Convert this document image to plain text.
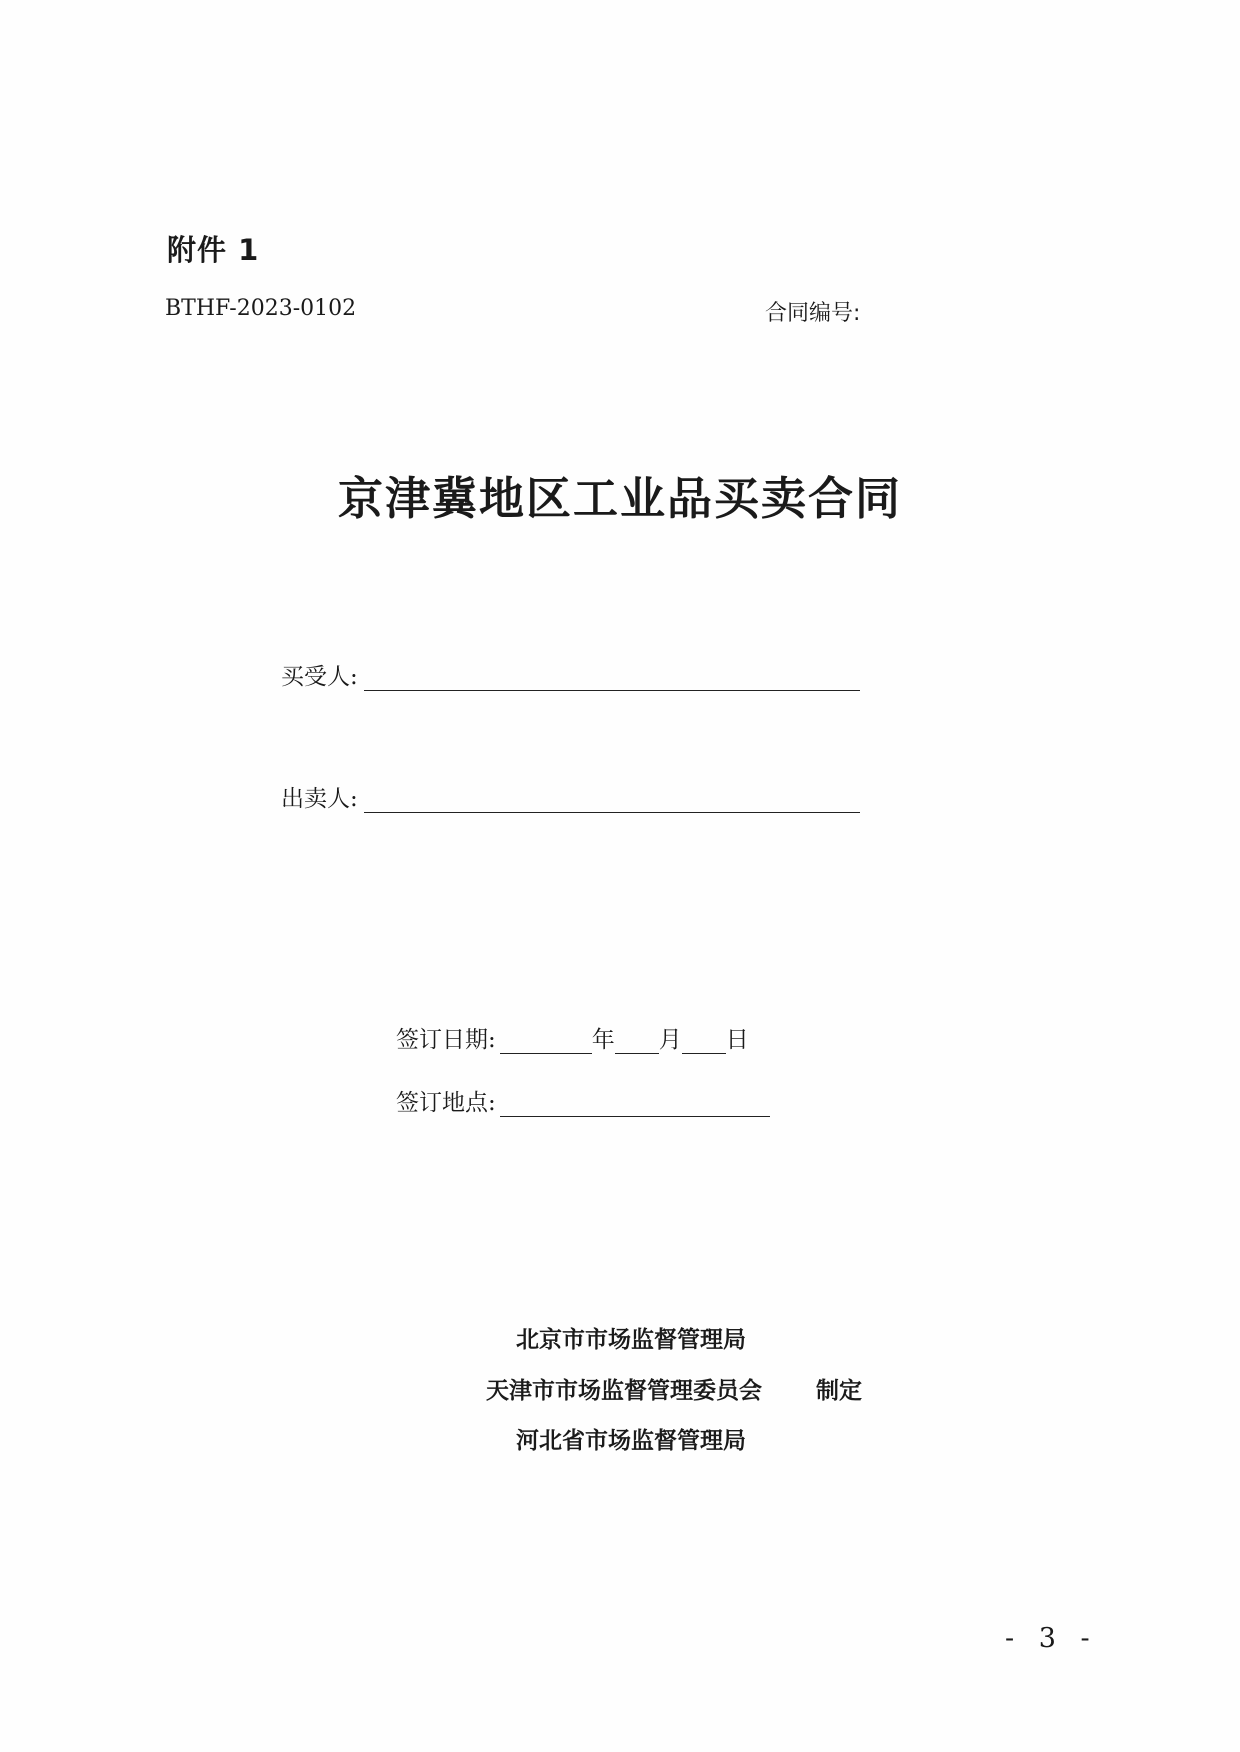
附件 1
BTHF-2023-0102	合同编号:
京津冀地区工业品买卖合同
买受人:
出卖人:
签订日期:	年 月 日
签订地点:
北京市市场监督管理局
天津市市场监督管理委员会 制定
河北省市场监督管理局
- 3 -
